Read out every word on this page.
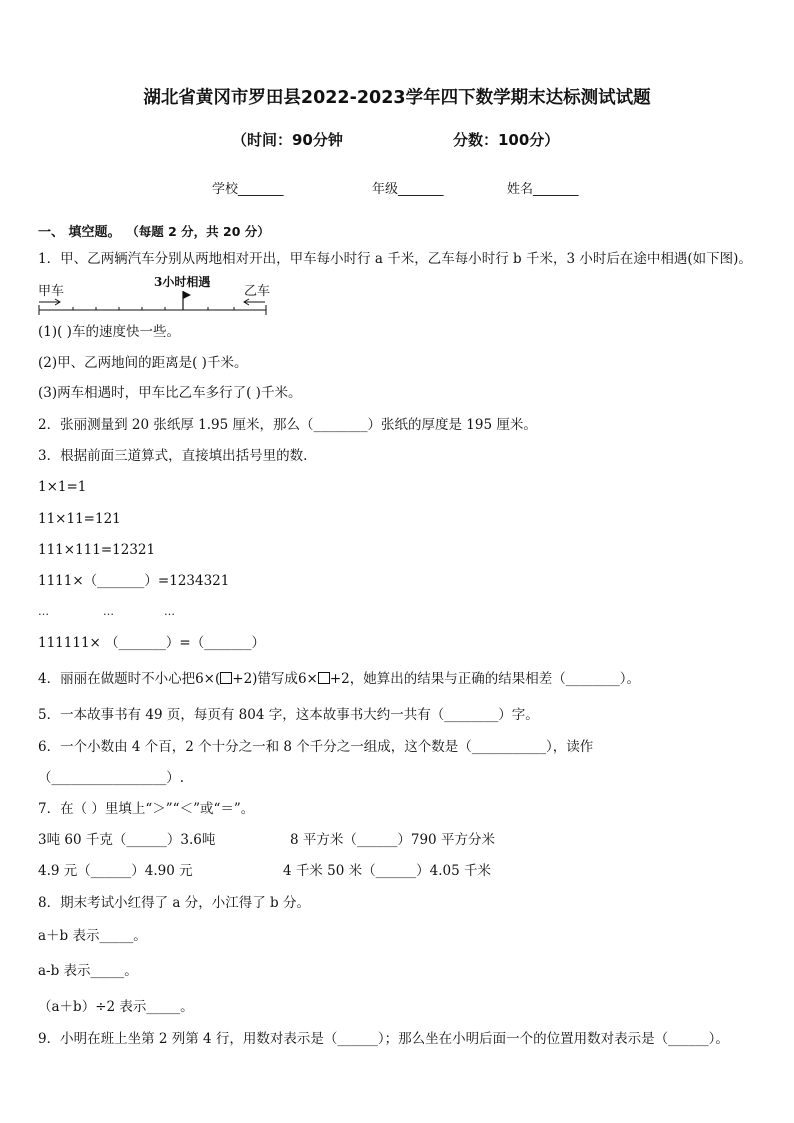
湖北省黄冈市罗田县2022-2023学年四下数学期末达标测试试题
（时间：90分钟	分数：100分）
学校_______	年级_______	姓名_______
一、 填空题。 （每题 2 分，共 20 分）
1．甲、乙两辆汽车分别从两地相对开出，甲车每小时行 a 千米，乙车每小时行 b 千米，3 小时后在途中相遇(如下图)。
甲车	乙车
3小时相遇
(1)( )车的速度快一些。
(2)甲、乙两地间的距离是( )千米。
(3)两车相遇时，甲车比乙车多行了( )千米。
2．张丽测量到 20 张纸厚 1.95 厘米，那么（________）张纸的厚度是 195 厘米。
3．根据前面三道算式，直接填出括号里的数.
1×1=1
11×11=121
111×111=12321
1111×（_______）=1234321
…	…	…
111111× （_______）=（_______）
4．丽丽在做题时不小心把6×( +2)错写成6× +2，她算出的结果与正确的结果相差（________）。
5．一本故事书有 49 页，每页有 804 字，这本故事书大约一共有（________）字。
6．一个小数由 4 个百，2 个十分之一和 8 个千分之一组成，这个数是（___________），读作
（_________________）.
7．在（ ）里填上“＞”“＜”或“＝”。
3吨 60 千克（______）3.6吨	8 平方米（______）790 平方分米
4.9 元（______）4.90 元	4 千米 50 米（______）4.05 千米
8．期末考试小红得了 a 分，小江得了 b 分。
a＋b 表示_____。
a-b 表示_____。
（a＋b）÷2 表示_____。
9．小明在班上坐第 2 列第 4 行，用数对表示是（______）；那么坐在小明后面一个的位置用数对表示是（______）。
